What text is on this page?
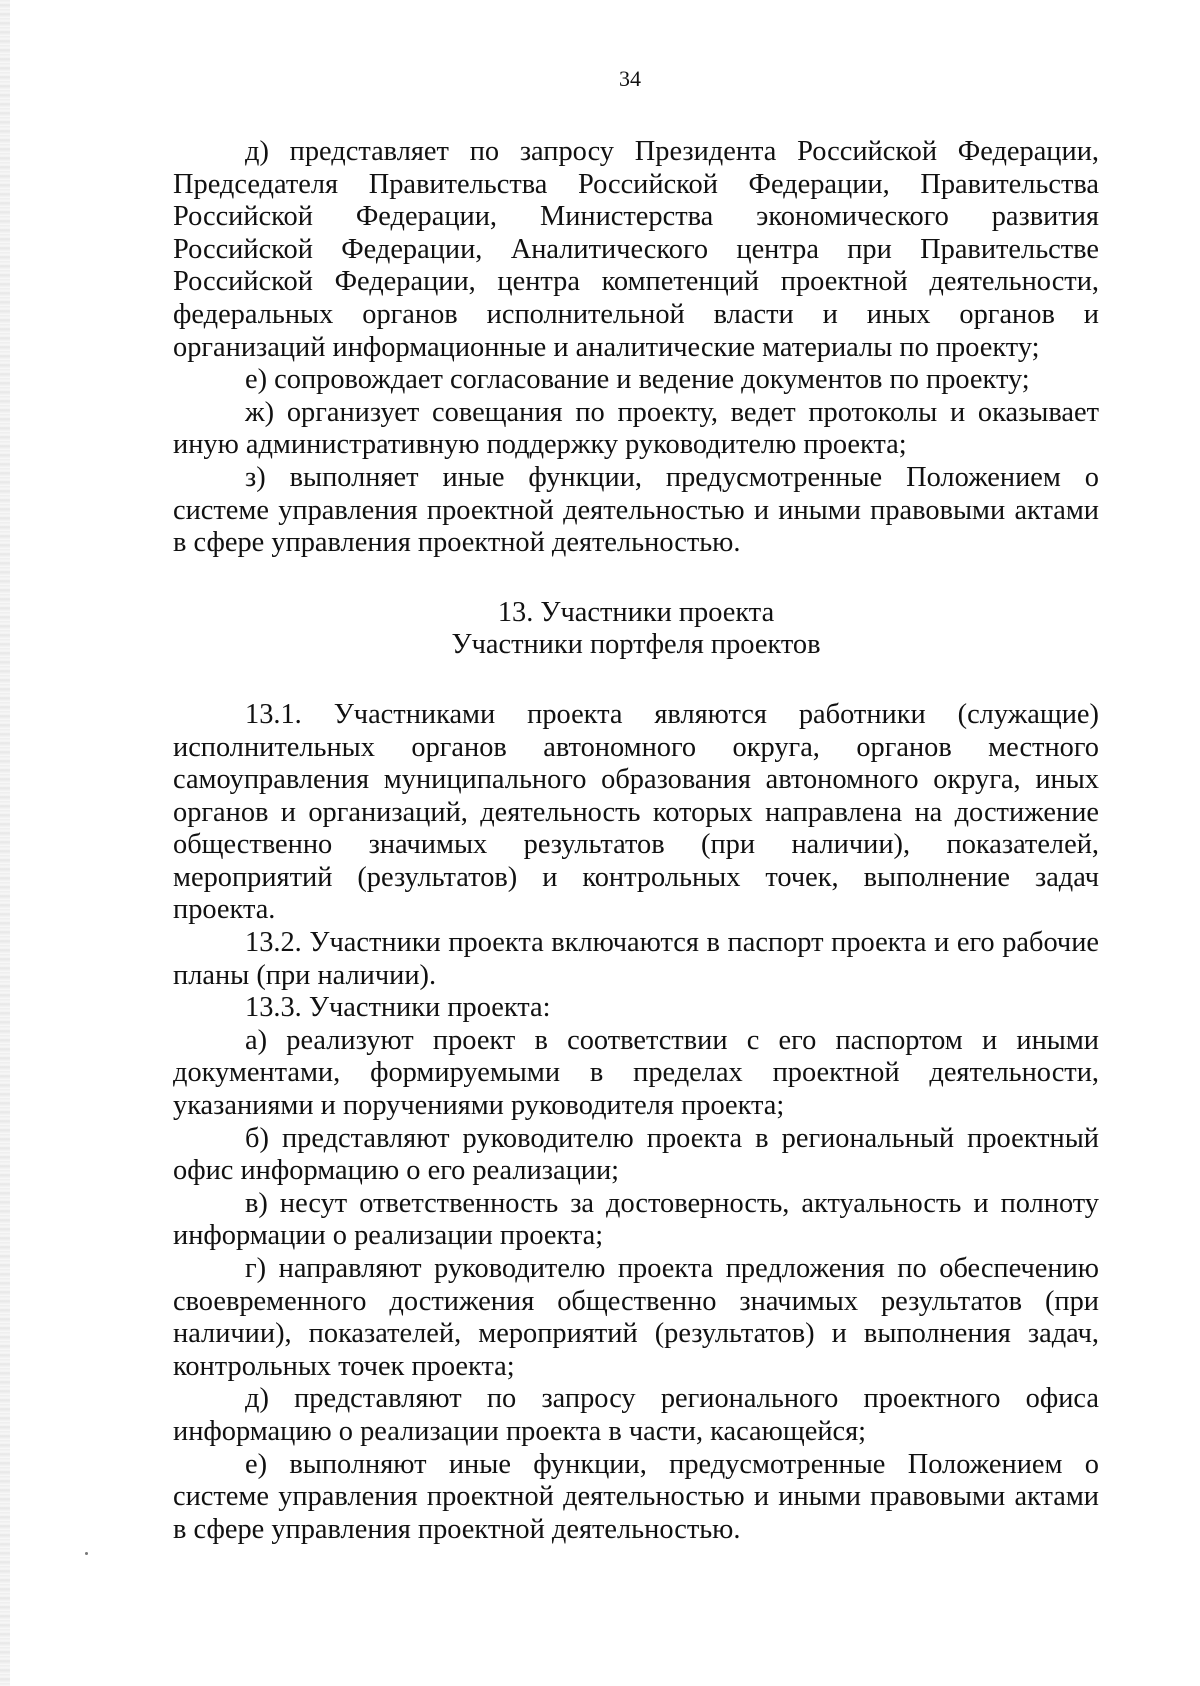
34

д) представляет по запросу Президента Российской Федерации, Председателя Правительства Российской Федерации, Правительства Российской Федерации, Министерства экономического развития Российской Федерации, Аналитического центра при Правительстве Российской Федерации, центра компетенций проектной деятельности, федеральных органов исполнительной власти и иных органов и организаций информационные и аналитические материалы по проекту;

е) сопровождает согласование и ведение документов по проекту;

ж) организует совещания по проекту, ведет протоколы и оказывает иную административную поддержку руководителю проекта;

з) выполняет иные функции, предусмотренные Положением о системе управления проектной деятельностью и иными правовыми актами в сфере управления проектной деятельностью.

13. Участники проекта

Участники портфеля проектов

13.1. Участниками проекта являются работники (служащие) исполнительных органов автономного округа, органов местного самоуправления муниципального образования автономного округа, иных органов и организаций, деятельность которых направлена на достижение общественно значимых результатов (при наличии), показателей, мероприятий (результатов) и контрольных точек, выполнение задач проекта.

13.2. Участники проекта включаются в паспорт проекта и его рабочие планы (при наличии).

13.3. Участники проекта:

а) реализуют проект в соответствии с его паспортом и иными документами, формируемыми в пределах проектной деятельности, указаниями и поручениями руководителя проекта;

б) представляют руководителю проекта в региональный проектный офис информацию о его реализации;

в) несут ответственность за достоверность, актуальность и полноту информации о реализации проекта;

г) направляют руководителю проекта предложения по обеспечению своевременного достижения общественно значимых результатов (при наличии), показателей, мероприятий (результатов) и выполнения задач, контрольных точек проекта;

д) представляют по запросу регионального проектного офиса информацию о реализации проекта в части, касающейся;

е) выполняют иные функции, предусмотренные Положением о системе управления проектной деятельностью и иными правовыми актами в сфере управления проектной деятельностью.
